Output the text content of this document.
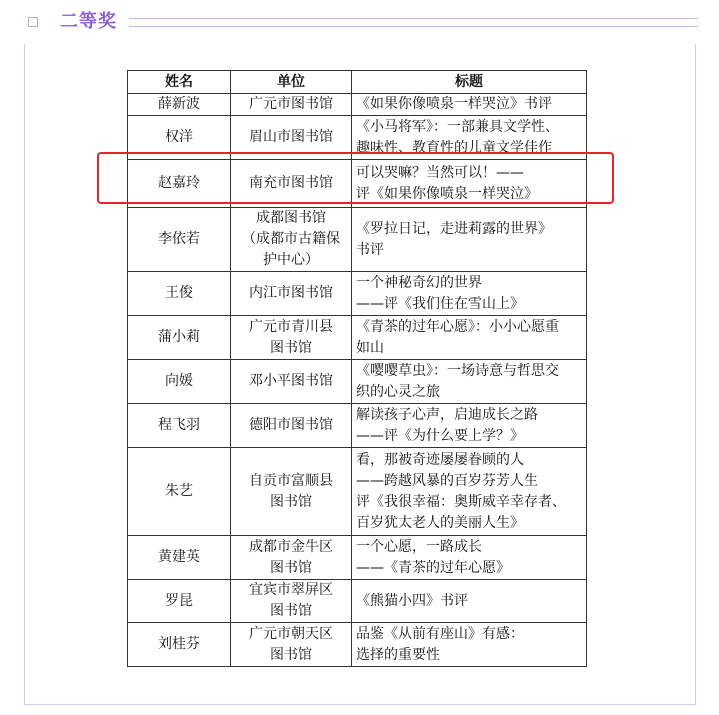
二等奖
姓名	单位	标题

薛新波	广元市图书馆	《如果你像喷泉一样哭泣》书评

权洋	眉山市图书馆	《小马将军》：一部兼具文学性、
趣味性、教育性的儿童文学佳作

赵嘉玲	南充市图书馆	可以哭嘛？当然可以！——
评《如果你像喷泉一样哭泣》

李依若	成都图书馆
（成都市古籍保
护中心）	《罗拉日记，走进莉露的世界》
书评

王俊	内江市图书馆	一个神秘奇幻的世界
——评《我们住在雪山上》

蒲小莉	广元市青川县
图书馆	《青茶的过年心愿》：小小心愿重
如山

向媛	邓小平图书馆	《嘤嘤草虫》：一场诗意与哲思交
织的心灵之旅

程飞羽	德阳市图书馆	解读孩子心声，启迪成长之路
——评《为什么要上学？》

朱艺	自贡市富顺县
图书馆	看，那被奇迹屡屡眷顾的人
——跨越风暴的百岁芬芳人生
评《我很幸福：奥斯威辛幸存者、
百岁犹太老人的美丽人生》

黄建英	成都市金牛区
图书馆	一个心愿，一路成长
——《青茶的过年心愿》

罗昆	宜宾市翠屏区
图书馆	《熊猫小四》书评

刘桂芬	广元市朝天区
图书馆	品鉴《从前有座山》有感：
选择的重要性
